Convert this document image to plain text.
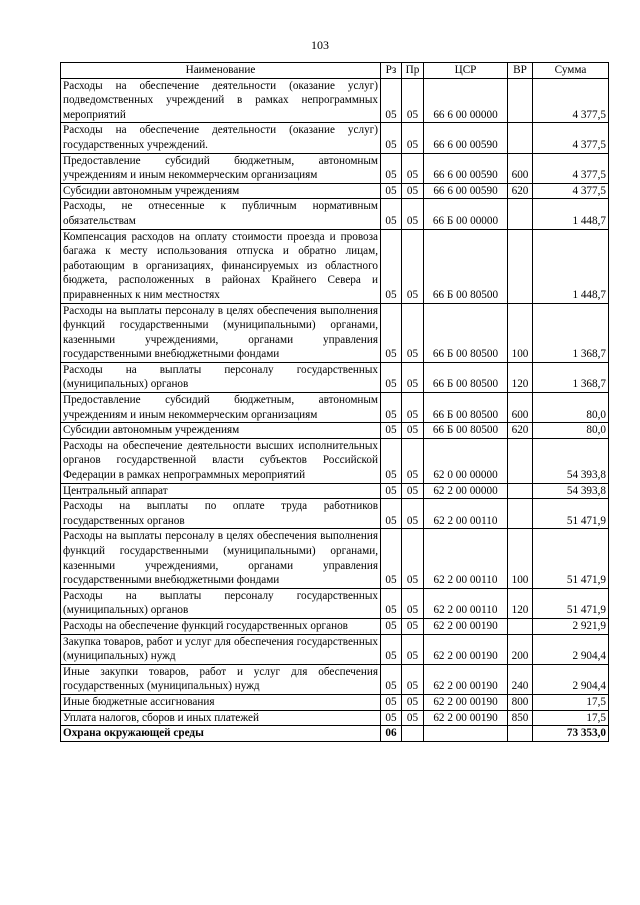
103
Наименование	Рз	Пр	ЦСР	ВР	Сумма
Расходы на обеспечение деятельности (оказание услуг) подведомственных учреждений в рамках непрограммных мероприятий	05	05	66 6 00 00000		4 377,5
Расходы на обеспечение деятельности (оказание услуг) государственных учреждений.	05	05	66 6 00 00590		4 377,5
Предоставление субсидий бюджетным, автономным учреждениям и иным некоммерческим организациям	05	05	66 6 00 00590	600	4 377,5
Субсидии автономным учреждениям	05	05	66 6 00 00590	620	4 377,5
Расходы, не отнесенные к публичным нормативным обязательствам	05	05	66 Б 00 00000		1 448,7
Компенсация расходов на оплату стоимости проезда и провоза багажа к месту использования отпуска и обратно лицам, работающим в организациях, финансируемых из областного бюджета, расположенных в районах Крайнего Севера и приравненных к ним местностях	05	05	66 Б 00 80500		1 448,7
Расходы на выплаты персоналу в целях обеспечения выполнения функций государственными (муниципальными) органами, казенными учреждениями, органами управления государственными внебюджетными фондами	05	05	66 Б 00 80500	100	1 368,7
Расходы на выплаты персоналу государственных (муниципальных) органов	05	05	66 Б 00 80500	120	1 368,7
Предоставление субсидий бюджетным, автономным учреждениям и иным некоммерческим организациям	05	05	66 Б 00 80500	600	80,0
Субсидии автономным учреждениям	05	05	66 Б 00 80500	620	80,0
Расходы на обеспечение деятельности высших исполнительных органов государственной власти субъектов Российской Федерации в рамках непрограммных мероприятий	05	05	62 0 00 00000		54 393,8
Центральный аппарат	05	05	62 2 00 00000		54 393,8
Расходы на выплаты по оплате труда работников государственных органов	05	05	62 2 00 00110		51 471,9
Расходы на выплаты персоналу в целях обеспечения выполнения функций государственными (муниципальными) органами, казенными учреждениями, органами управления государственными внебюджетными фондами	05	05	62 2 00 00110	100	51 471,9
Расходы на выплаты персоналу государственных (муниципальных) органов	05	05	62 2 00 00110	120	51 471,9
Расходы на обеспечение функций государственных органов	05	05	62 2 00 00190		2 921,9
Закупка товаров, работ и услуг для обеспечения государственных (муниципальных) нужд	05	05	62 2 00 00190	200	2 904,4
Иные закупки товаров, работ и услуг для обеспечения государственных (муниципальных) нужд	05	05	62 2 00 00190	240	2 904,4
Иные бюджетные ассигнования	05	05	62 2 00 00190	800	17,5
Уплата налогов, сборов и иных платежей	05	05	62 2 00 00190	850	17,5
Охрана окружающей среды	06				73 353,0
